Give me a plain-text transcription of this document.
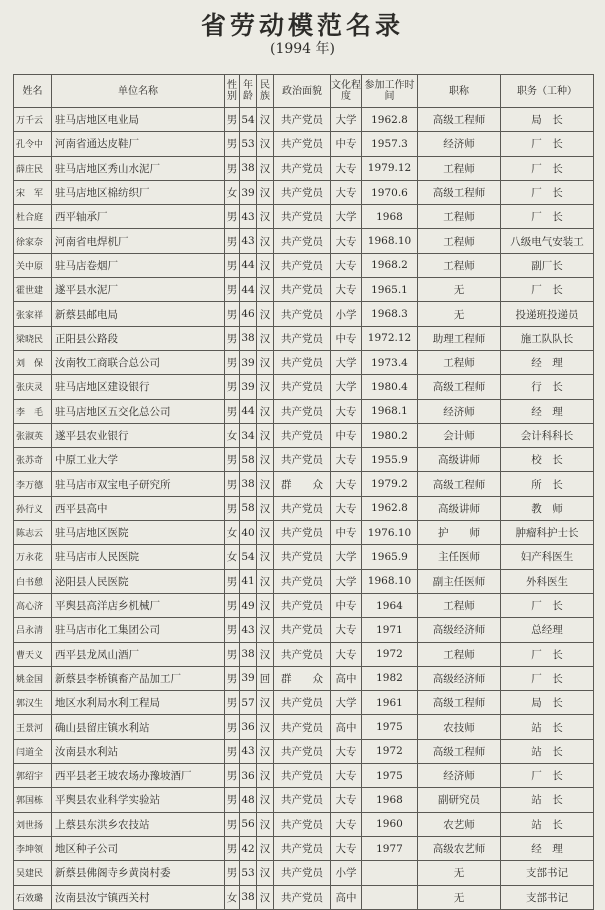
省劳动模范名录
(1994 年)
姓名	单位名称	性别	年龄	民族	政治面貌	文化程度	参加工作时间	职称	职务（工种）
万千云	驻马店地区电业局	男	54	汉	共产党员	大学	1962.8	高级工程师	局　长
孔令中	河南省通达皮鞋厂	男	53	汉	共产党员	中专	1957.3	经济师	厂　长
薛庄民	驻马店地区秀山水泥厂	男	38	汉	共产党员	大专	1979.12	工程师	厂　长
宋　军	驻马店地区棉纺织厂	女	39	汉	共产党员	大专	1970.6	高级工程师	厂　长
杜合庭	西平轴承厂	男	43	汉	共产党员	大学	1968	工程师	厂　长
徐家奈	河南省电焊机厂	男	43	汉	共产党员	大专	1968.10	工程师	八级电气安装工
关中原	驻马店卷烟厂	男	44	汉	共产党员	大专	1968.2	工程师	副厂长
霍世建	遂平县水泥厂	男	44	汉	共产党员	大专	1965.1	无	厂　长
张家祥	新蔡县邮电局	男	46	汉	共产党员	小学	1968.3	无	投递班投递员
梁晓民	正阳县公路段	男	38	汉	共产党员	中专	1972.12	助理工程师	施工队队长
刘　保	汝南牧工商联合总公司	男	39	汉	共产党员	大学	1973.4	工程师	经　理
张庆灵	驻马店地区建设银行	男	39	汉	共产党员	大学	1980.4	高级工程师	行　长
李　毛	驻马店地区五交化总公司	男	44	汉	共产党员	大专	1968.1	经济师	经　理
张淑英	遂平县农业银行	女	34	汉	共产党员	中专	1980.2	会计师	会计科科长
张苏奇	中原工业大学	男	58	汉	共产党员	大专	1955.9	高级讲师	校　长
李万德	驻马店市双宝电子研究所	男	38	汉	群　　众	大专	1979.2	高级工程师	所　长
孙行义	西平县高中	男	58	汉	共产党员	大专	1962.8	高级讲师	教　师
陈志云	驻马店地区医院	女	40	汉	共产党员	中专	1976.10	护　　师	肿瘤科护士长
万永花	驻马店市人民医院	女	54	汉	共产党员	大学	1965.9	主任医师	妇产科医生
白书憩	泌阳县人民医院	男	41	汉	共产党员	大学	1968.10	副主任医师	外科医生
高心济	平舆县高洋店乡机械厂	男	49	汉	共产党员	中专	1964	工程师	厂　长
吕永清	驻马店市化工集团公司	男	43	汉	共产党员	大专	1971	高级经济师	总经理
曹天义	西平县龙凤山酒厂	男	38	汉	共产党员	大专	1972	工程师	厂　长
姚金国	新蔡县李桥镇畜产品加工厂	男	39	回	群　　众	高中	1982	高级经济师	厂　长
郭汉生	地区水利局水利工程局	男	57	汉	共产党员	大学	1961	高级工程师	局　长
王景河	确山县留庄镇水利站	男	36	汉	共产党员	高中	1975	农技师	站　长
闫道全	汝南县水利站	男	43	汉	共产党员	大专	1972	高级工程师	站　长
郭绍宇	西平县老王坡农场办豫坡酒厂	男	36	汉	共产党员	大专	1975	经济师	厂　长
郭国栋	平舆县农业科学实验站	男	48	汉	共产党员	大专	1968	副研究员	站　长
刘世扬	上蔡县东洪乡农技站	男	56	汉	共产党员	大专	1960	农艺师	站　长
李坤领	地区种子公司	男	42	汉	共产党员	大专	1977	高级农艺师	经　理
吴建民	新蔡县佛阁寺乡黄岗村委	男	53	汉	共产党员	小学		无	支部书记
石效璐	汝南县汝宁镇西关村	女	38	汉	共产党员	高中		无	支部书记
